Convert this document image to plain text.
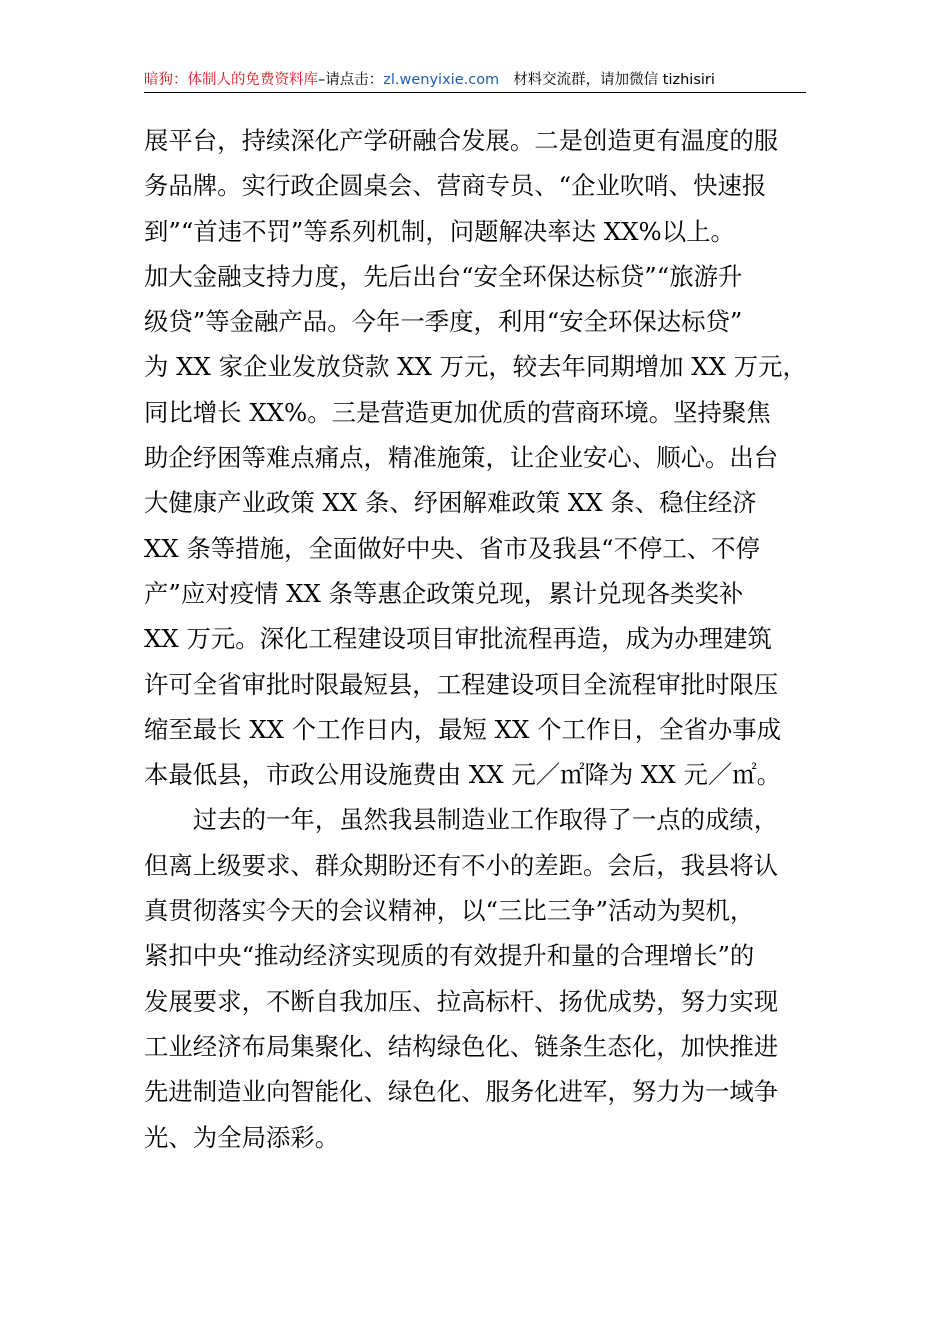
暗狗：体制人的免费资料库–请点击：zl.wenyixie.com 材料交流群，请加微信 tizhisiri
展平台，持续深化产学研融合发展。二是创造更有温度的服
务品牌。实行政企圆桌会、营商专员、“企业吹哨、快速报
到”“首违不罚”等系列机制，问题解决率达 XX%以上。
加大金融支持力度，先后出台“安全环保达标贷”“旅游升
级贷”等金融产品。今年一季度，利用“安全环保达标贷”
为 XX 家企业发放贷款 XX 万元，较去年同期增加 XX 万元，
同比增长 XX%。三是营造更加优质的营商环境。坚持聚焦
助企纾困等难点痛点，精准施策，让企业安心、顺心。出台
大健康产业政策 XX 条、纾困解难政策 XX 条、稳住经济
XX 条等措施，全面做好中央、省市及我县“不停工、不停
产”应对疫情 XX 条等惠企政策兑现，累计兑现各类奖补
XX 万元。深化工程建设项目审批流程再造，成为办理建筑
许可全省审批时限最短县，工程建设项目全流程审批时限压
缩至最长 XX 个工作日内，最短 XX 个工作日，全省办事成
本最低县，市政公用设施费由 XX 元／㎡降为 XX 元／㎡。
　　过去的一年，虽然我县制造业工作取得了一点的成绩，
但离上级要求、群众期盼还有不小的差距。会后，我县将认
真贯彻落实今天的会议精神，以“三比三争”活动为契机，
紧扣中央“推动经济实现质的有效提升和量的合理增长”的
发展要求，不断自我加压、拉高标杆、扬优成势，努力实现
工业经济布局集聚化、结构绿色化、链条生态化，加快推进
先进制造业向智能化、绿色化、服务化进军，努力为一域争
光、为全局添彩。
